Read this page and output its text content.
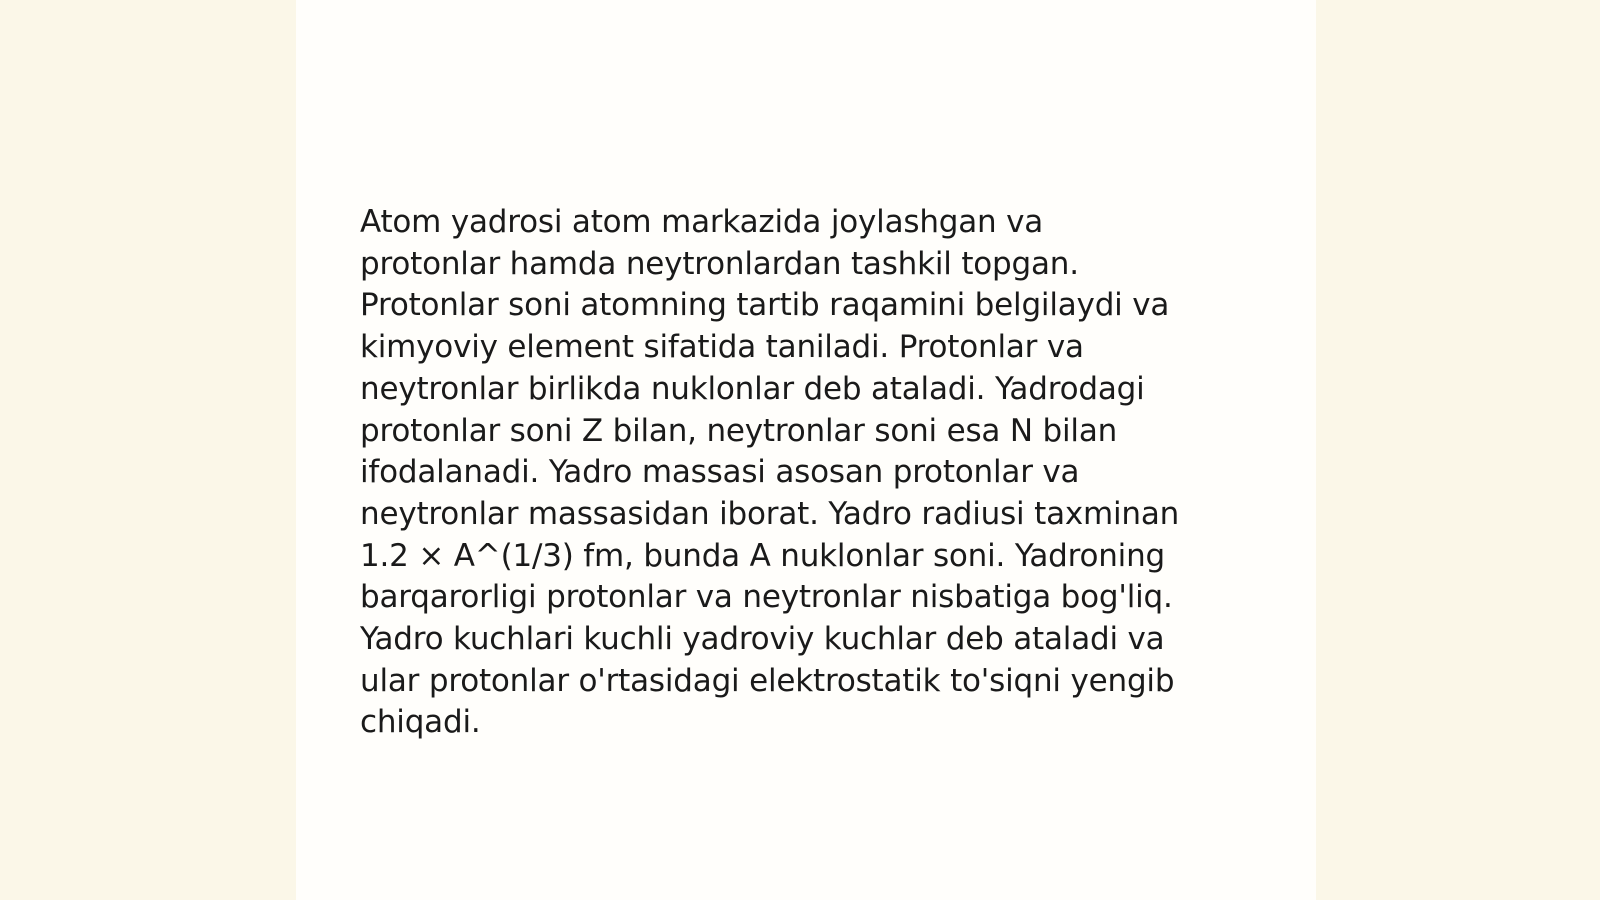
Atom yadrosi atom markazida joylashgan va
protonlar hamda neytronlardan tashkil topgan.
Protonlar soni atomning tartib raqamini belgilaydi va
kimyoviy element sifatida taniladi. Protonlar va
neytronlar birlikda nuklonlar deb ataladi. Yadrodagi
protonlar soni Z bilan, neytronlar soni esa N bilan
ifodalanadi. Yadro massasi asosan protonlar va
neytronlar massasidan iborat. Yadro radiusi taxminan
1.2 × A^(1/3) fm, bunda A nuklonlar soni. Yadroning
barqarorligi protonlar va neytronlar nisbatiga bog'liq.
Yadro kuchlari kuchli yadroviy kuchlar deb ataladi va
ular protonlar o'rtasidagi elektrostatik to'siqni yengib
chiqadi.
